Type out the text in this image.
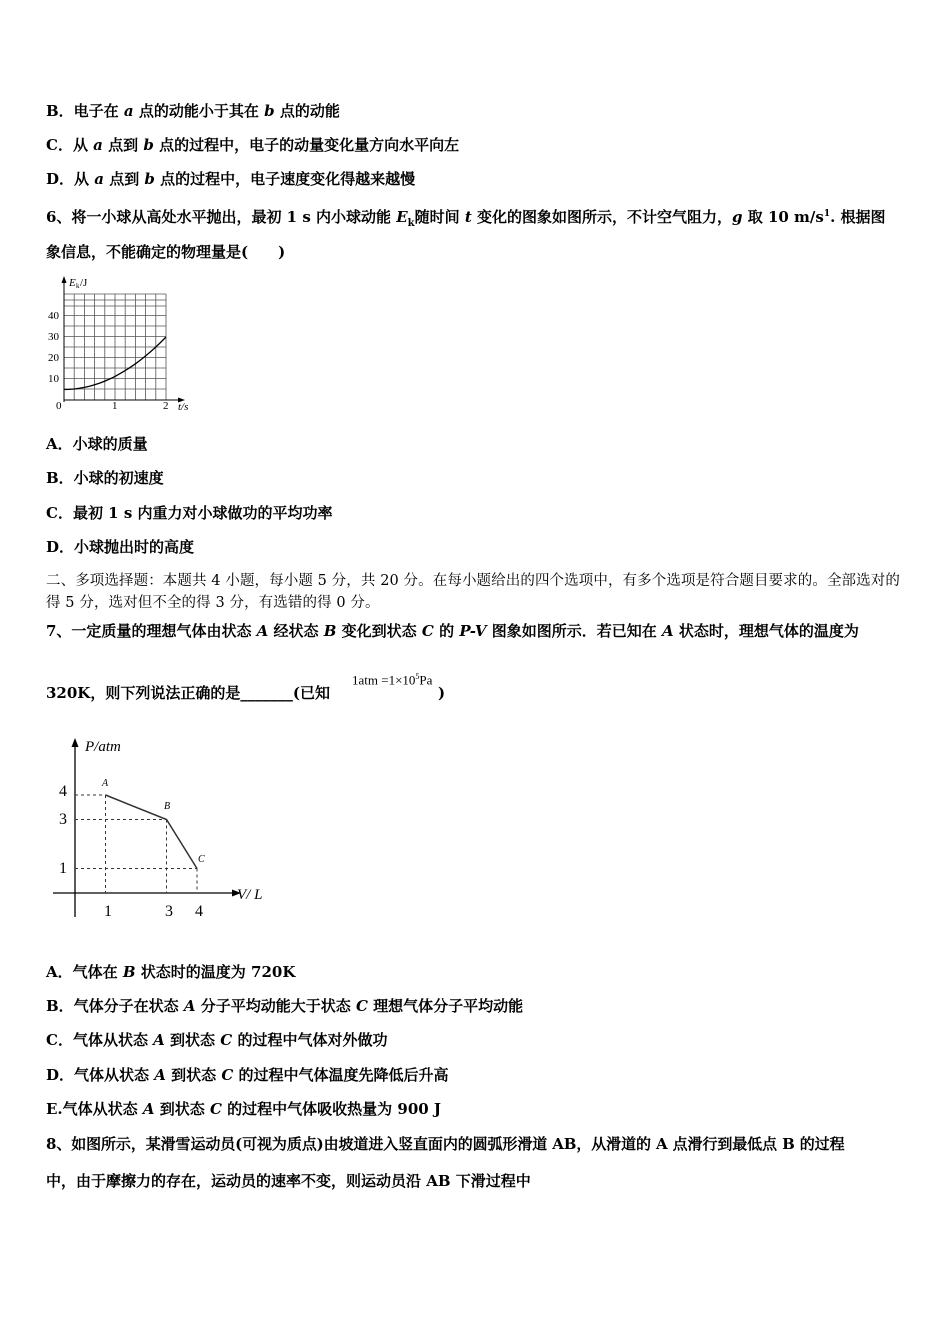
B．电子在 a 点的动能小于其在 b 点的动能
C．从 a 点到 b 点的过程中，电子的动量变化量方向水平向左
D．从 a 点到 b 点的过程中，电子速度变化得越来越慢
6、将一小球从高处水平抛出，最初 1 s 内小球动能 $E_k$随时间 t 变化的图象如图所示，不计空气阻力，g 取 10 $m/s^1$. 根据图
象信息，不能确定的物理量是(　　)
E k /J
40
30
20
10
0	1	2 t/s
A．小球的质量
B．小球的初速度
C．最初 1 s 内重力对小球做功的平均功率
D．小球抛出时的高度
二、多项选择题：本题共 4 小题，每小题 5 分，共 20 分。在每小题给出的四个选项中，有多个选项是符合题目要求的。全部选对的得 5 分，选对但不全的得 3 分，有选错的得 0 分。
7、一定质量的理想气体由状态 A 经状态 B 变化到状态 C 的 P-V 图象如图所示．若已知在 A 状态时，理想气体的温度为
320K，则下列说法正确的是_______(已知	)
$1atm =1\times 10^5Pa$
P/atm
V/ L
4
3
1
1	3 4
A
B
C
A．气体在 B 状态时的温度为 720K
B．气体分子在状态 A 分子平均动能大于状态 C 理想气体分子平均动能
C．气体从状态 A 到状态 C 的过程中气体对外做功
D．气体从状态 A 到状态 C 的过程中气体温度先降低后升高
E.气体从状态 A 到状态 C 的过程中气体吸收热量为 900 J
8、如图所示，某滑雪运动员(可视为质点)由坡道进入竖直面内的圆弧形滑道 AB，从滑道的 A 点滑行到最低点 B 的过程
中，由于摩擦力的存在，运动员的速率不变，则运动员沿 AB 下滑过程中
